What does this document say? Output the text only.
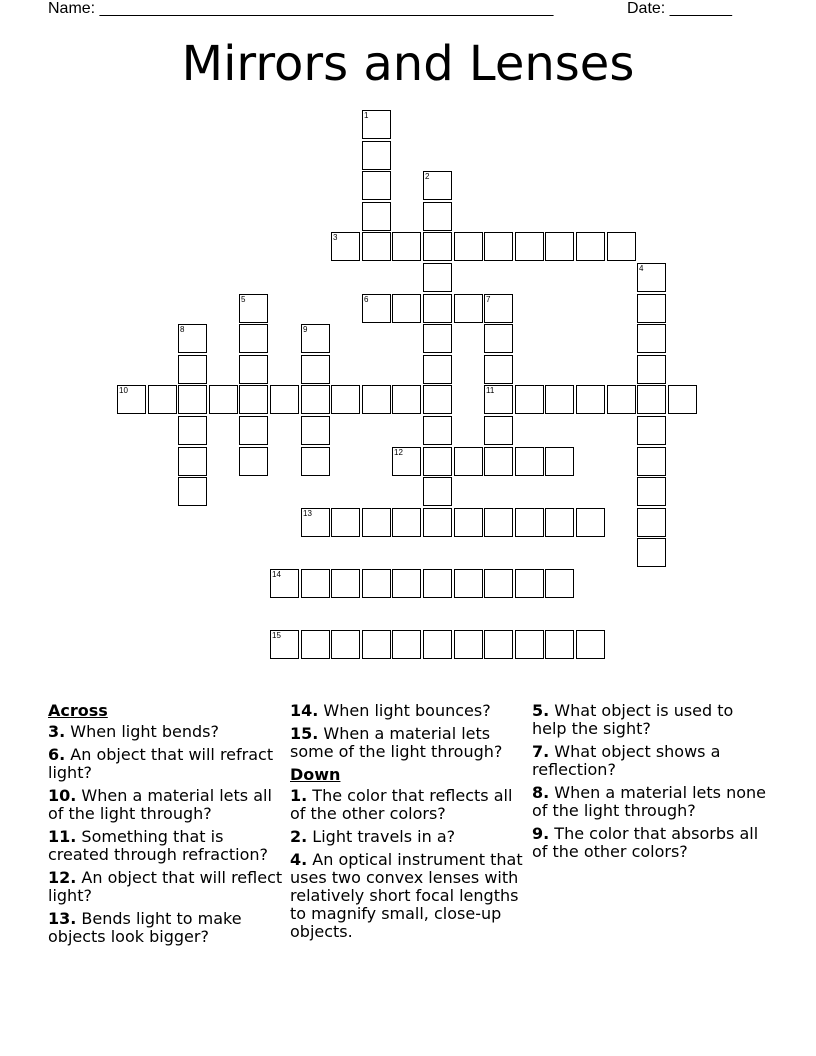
Name: ___________________________________________________	Date: _______
Mirrors and Lenses
1
2
3
4
5	6	7
11
8	9
10
12
13
14
15
Across
3. When light bends?
6. An object that will refract light?
10. When a material lets all of the light through?
11. Something that is created through refraction?
12. An object that will reflect light?
13. Bends light to make objects look bigger?
14. When light bounces?
15. When a material lets some of the light through?
Down
1. The color that reflects all of the other colors?
2. Light travels in a?
4. An optical instrument that uses two convex lenses with relatively short focal lengths to magnify small, close-up objects.
5. What object is used to help the sight?
7. What object shows a reflection?
8. When a material lets none of the light through?
9. The color that absorbs all of the other colors?
